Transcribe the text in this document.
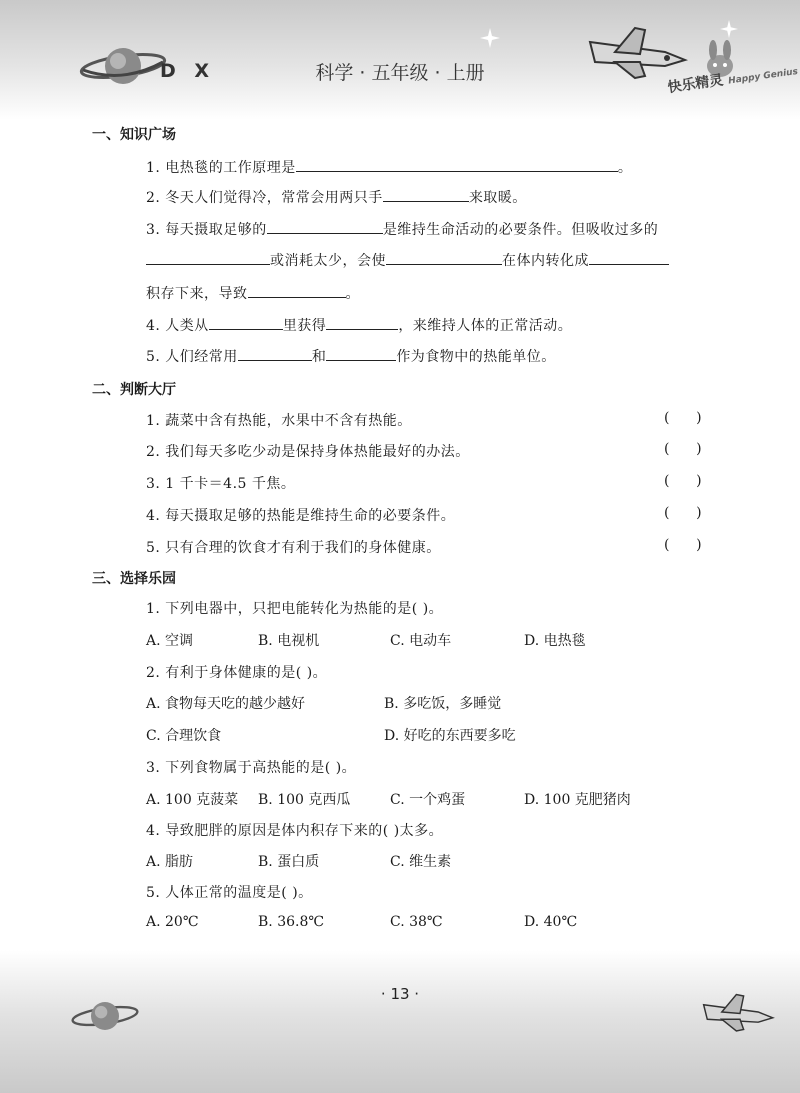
D X	科学 · 五年级 · 上册	快乐精灵 Happy Genius
一、知识广场
1. 电热毯的工作原理是	。
2. 冬天人们觉得冷，常常会用两只手	来取暖。
3. 每天摄取足够的	是维持生命活动的必要条件。但吸收过多的
或消耗太少，会使	在体内转化成
积存下来，导致	。
4. 人类从	里获得	，来维持人体的正常活动。
5. 人们经常用	和	作为食物中的热能单位。
二、判断大厅
1. 蔬菜中含有热能，水果中不含有热能。	(      )
2. 我们每天多吃少动是保持身体热能最好的办法。	(      )
3. 1 千卡＝4.5 千焦。	(      )
4. 每天摄取足够的热能是维持生命的必要条件。	(      )
5. 只有合理的饮食才有利于我们的身体健康。	(      )
三、选择乐园
1. 下列电器中，只把电能转化为热能的是( )。
A. 空调	B. 电视机	C. 电动车	D. 电热毯
2. 有利于身体健康的是( )。
A. 食物每天吃的越少越好	B. 多吃饭，多睡觉
C. 合理饮食	D. 好吃的东西要多吃
3. 下列食物属于高热能的是( )。
A. 100 克菠菜 B. 100 克西瓜	C. 一个鸡蛋	D. 100 克肥猪肉
4. 导致肥胖的原因是体内积存下来的( )太多。
A. 脂肪	B. 蛋白质	C. 维生素
5. 人体正常的温度是( )。
A. 20℃	B. 36.8℃	C. 38℃	D. 40℃
· 13 ·
